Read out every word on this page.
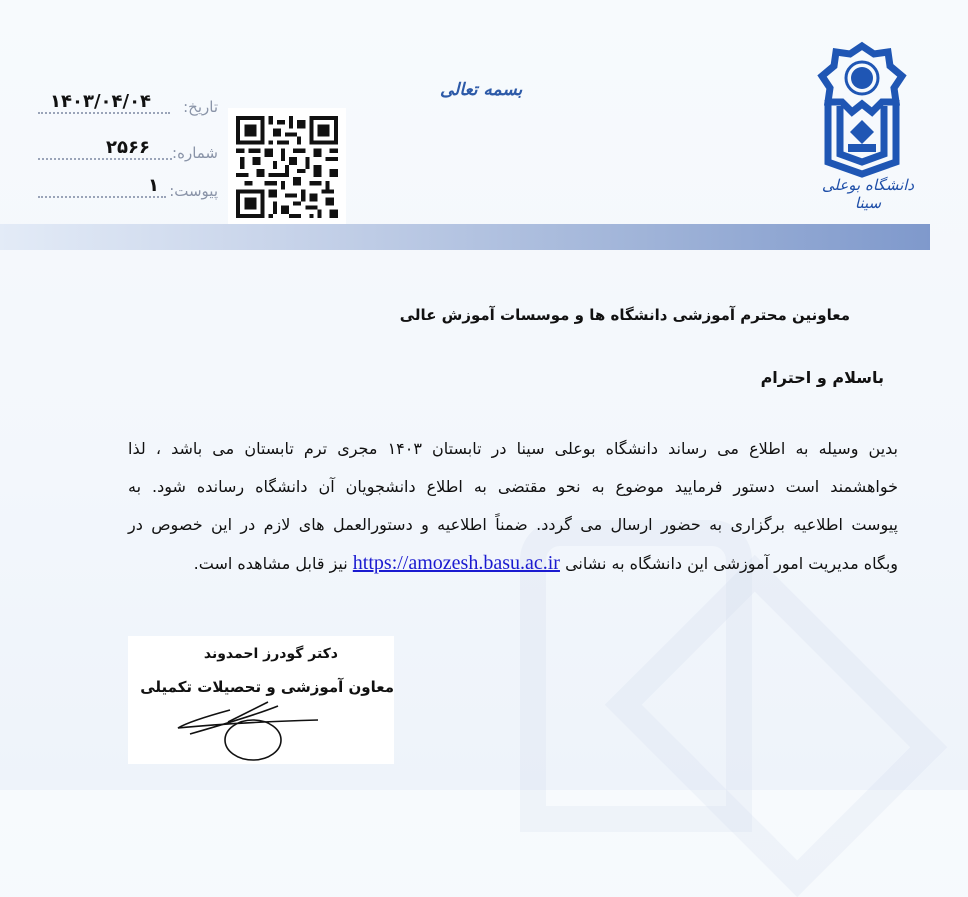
تاریخ:
۱۴۰۳/۰۴/۰۴
شماره:
۲۵۶۶
پیوست:
۱
بسمه تعالی
دانشگاه بوعلی سینا
معاونین محترم آموزشی دانشگاه ها و موسسات آموزش عالی
باسلام و احترام
بدین وسیله به اطلاع می رساند دانشگاه بوعلی سینا در تابستان ۱۴۰۳ مجری ترم تابستان می باشد ، لذا
خواهشمند است دستور فرمایید موضوع به نحو مقتضی به اطلاع دانشجویان آن دانشگاه رسانده شود. به
پیوست اطلاعیه برگزاری به حضور ارسال می گردد. ضمناً اطلاعیه و دستورالعمل های لازم در این خصوص در
وبگاه مدیریت امور آموزشی این دانشگاه به نشانی https://amozesh.basu.ac.ir نیز قابل مشاهده است.
دکتر گودرز احمدوند
معاون آموزشی و تحصیلات تکمیلی
